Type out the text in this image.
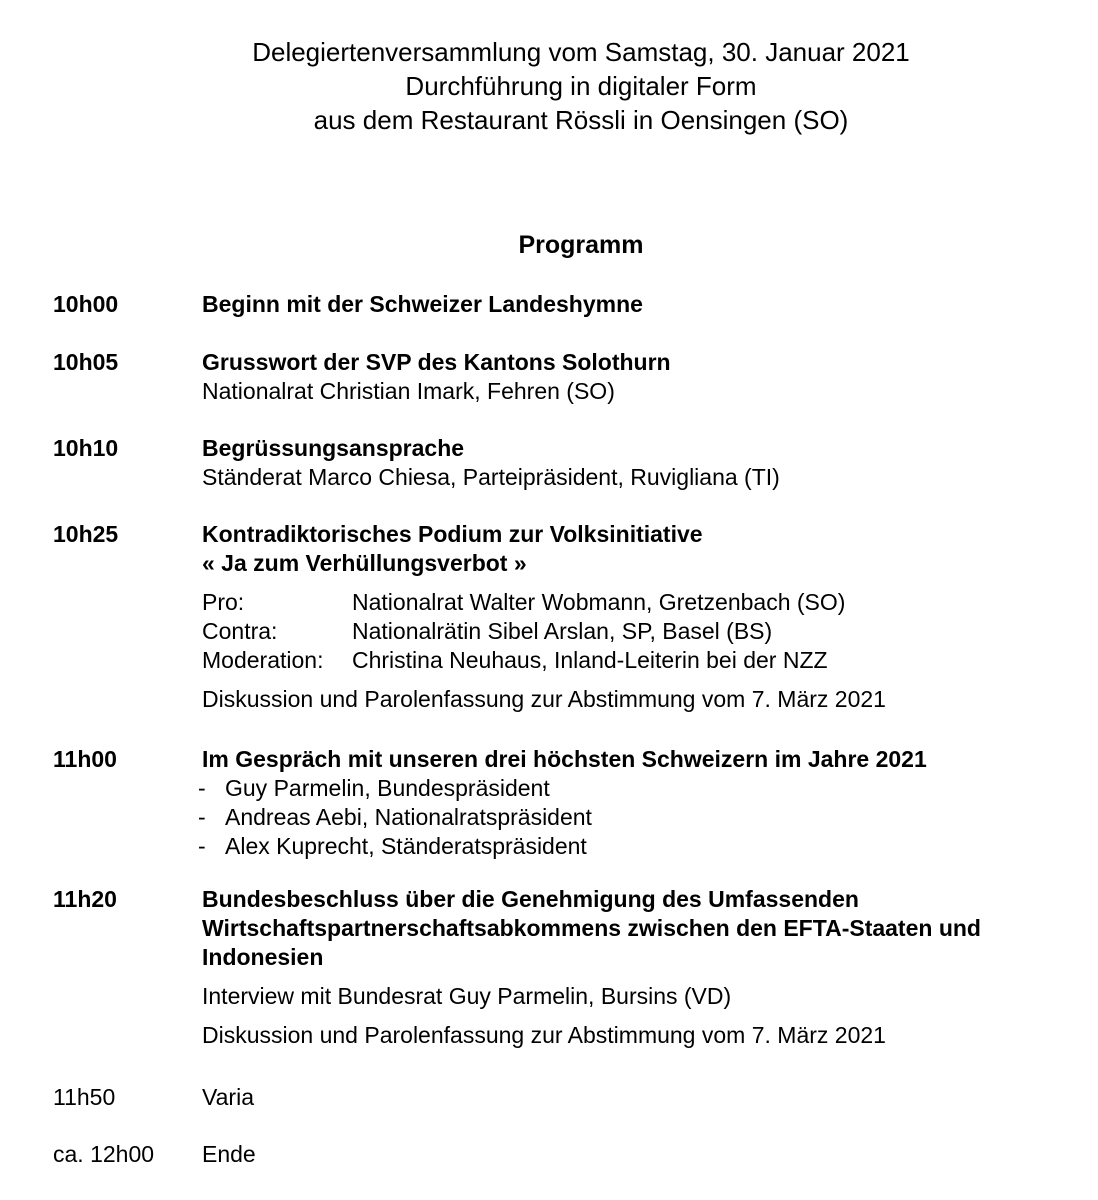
Delegiertenversammlung vom Samstag, 30. Januar 2021
Durchführung in digitaler Form
aus dem Restaurant Rössli in Oensingen (SO)
Programm
10h00	Beginn mit der Schweizer Landeshymne
10h05	Grusswort der SVP des Kantons Solothurn
Nationalrat Christian Imark, Fehren (SO)
10h10	Begrüssungsansprache
Ständerat Marco Chiesa, Parteipräsident, Ruvigliana (TI)
10h25	Kontradiktorisches Podium zur Volksinitiative
« Ja zum Verhüllungsverbot »
Pro:	Nationalrat Walter Wobmann, Gretzenbach (SO)
Contra:	Nationalrätin Sibel Arslan, SP, Basel (BS)
Moderation:	Christina Neuhaus, Inland-Leiterin bei der NZZ
Diskussion und Parolenfassung zur Abstimmung vom 7. März 2021
11h00	Im Gespräch mit unseren drei höchsten Schweizern im Jahre 2021
- Guy Parmelin, Bundespräsident
- Andreas Aebi, Nationalratspräsident
- Alex Kuprecht, Ständeratspräsident
11h20	Bundesbeschluss über die Genehmigung des Umfassenden
Wirtschaftspartnerschaftsabkommens zwischen den EFTA-Staaten und
Indonesien
Interview mit Bundesrat Guy Parmelin, Bursins (VD)
Diskussion und Parolenfassung zur Abstimmung vom 7. März 2021
11h50	Varia
ca. 12h00	Ende
